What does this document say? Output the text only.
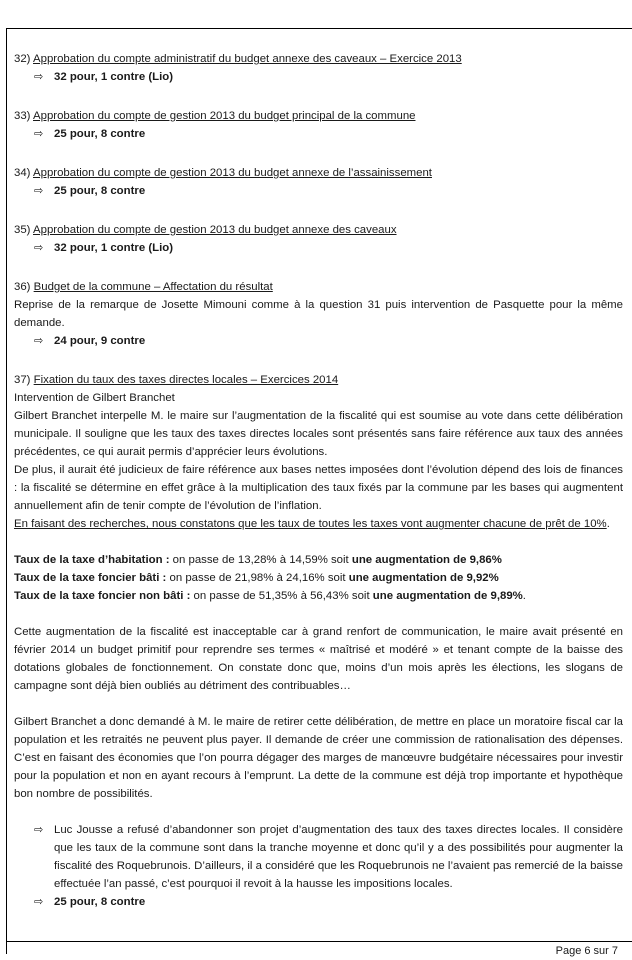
32) Approbation du compte administratif du budget annexe des caveaux – Exercice 2013

⇨ 32 pour, 1 contre (Lio)

33) Approbation du compte de gestion 2013 du budget principal de la commune

⇨ 25 pour, 8 contre

34) Approbation du compte de gestion 2013 du budget annexe de l’assainissement

⇨ 25 pour, 8 contre

35) Approbation du compte de gestion 2013 du budget annexe des caveaux

⇨ 32 pour, 1 contre (Lio)

36) Budget de la commune – Affectation du résultat

Reprise de la remarque de Josette Mimouni comme à la question 31 puis intervention de Pasquette pour la même demande.

⇨ 24 pour, 9 contre

37) Fixation du taux des taxes directes locales – Exercices 2014

Intervention de Gilbert Branchet

Gilbert Branchet interpelle M. le maire sur l’augmentation de la fiscalité qui est soumise au vote dans cette délibération municipale. Il souligne que les taux des taxes directes locales sont présentés sans faire référence aux taux des années précédentes, ce qui aurait permis d’apprécier leurs évolutions.

De plus, il aurait été judicieux de faire référence aux bases nettes imposées dont l’évolution dépend des lois de finances : la fiscalité se détermine en effet grâce à la multiplication des taux fixés par la commune par les bases qui augmentent annuellement afin de tenir compte de l’évolution de l’inflation.

En faisant des recherches, nous constatons que les taux de toutes les taxes vont augmenter chacune de prêt de 10%.

Taux de la taxe d’habitation : on passe de 13,28% à 14,59% soit une augmentation de 9,86%

Taux de la taxe foncier bâti : on passe de 21,98% à 24,16% soit une augmentation de 9,92%

Taux de la taxe foncier non bâti : on passe de 51,35% à 56,43% soit une augmentation de 9,89%.

Cette augmentation de la fiscalité est inacceptable car à grand renfort de communication, le maire avait présenté en février 2014 un budget primitif pour reprendre ses termes « maîtrisé et modéré » et tenant compte de la baisse des dotations globales de fonctionnement. On constate donc que, moins d’un mois après les élections, les slogans de campagne sont déjà bien oubliés au détriment des contribuables…

Gilbert Branchet a donc demandé à M. le maire de retirer cette délibération, de mettre en place un moratoire fiscal car la population et les retraités ne peuvent plus payer. Il demande de créer une commission de rationalisation des dépenses. C’est en faisant des économies que l’on pourra dégager des marges de manœuvre budgétaire nécessaires pour investir pour la population et non en ayant recours à l’emprunt. La dette de la commune est déjà trop importante et hypothèque bon nombre de possibilités.

⇨ Luc Jousse a refusé d’abandonner son projet d’augmentation des taux des taxes directes locales. Il considère que les taux de la commune sont dans la tranche moyenne et donc qu’il y a des possibilités pour augmenter la fiscalité des Roquebrunois. D’ailleurs, il a considéré que les Roquebrunois ne l’avaient pas remercié de la baisse effectuée l’an passé, c’est pourquoi il revoit à la hausse les impositions locales.
⇨ 25 pour, 8 contre
Page 6 sur 7
